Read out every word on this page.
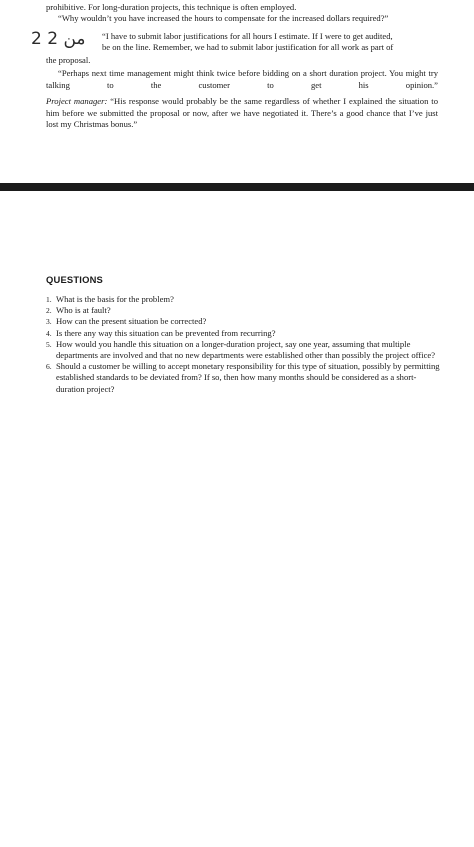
prohibitive. For long-duration projects, this technique is often employed.
“Why wouldn’t you have increased the hours to compensate for the increased dollars required?”
2 من 2 “I have to submit labor justifications for all hours I estimate. If I were to get audited,
be on the line. Remember, we had to submit labor justification for all work as part of
the proposal.
“Perhaps next time management might think twice before bidding on a short duration project. You might try talking to the customer to get his opinion.”
Project manager: “His response would probably be the same regardless of whether I explained the situation to him before we submitted the proposal or now, after we have negotiated it. There’s a good chance that I’ve just lost my Christmas bonus.”
QUESTIONS
1. What is the basis for the problem?
2. Who is at fault?
3. How can the present situation be corrected?
4. Is there any way this situation can be prevented from recurring?
5. How would you handle this situation on a longer-duration project, say one year, assuming that multiple departments are involved and that no new departments were established other than possibly the project office?
6. Should a customer be willing to accept monetary responsibility for this type of situation, possibly by permitting established standards to be deviated from? If so, then how many months should be considered as a short-duration project?
